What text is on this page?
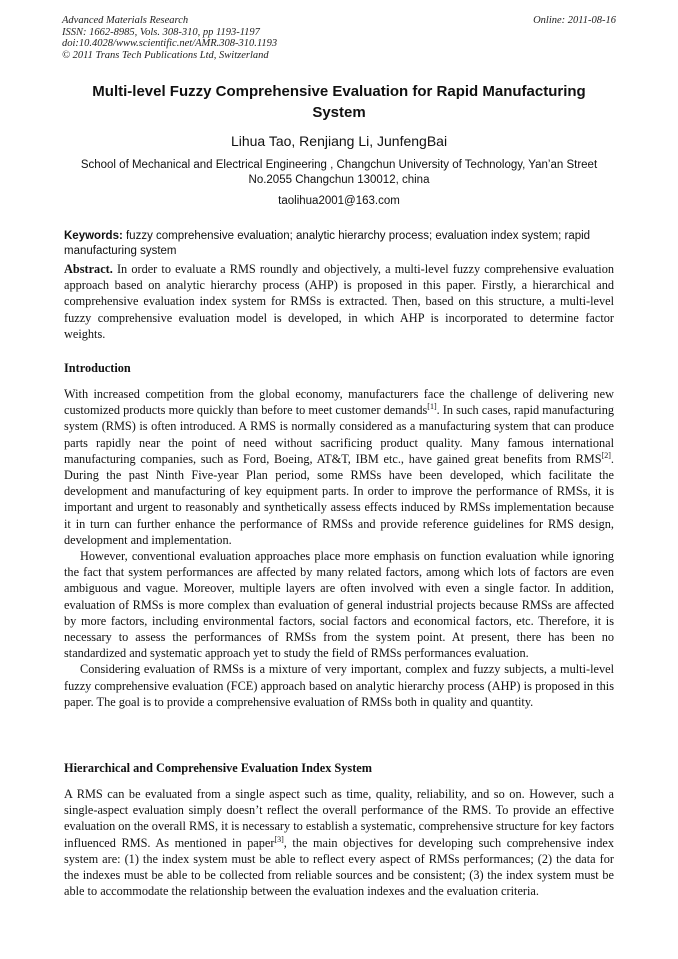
Advanced Materials Research
ISSN: 1662-8985, Vols. 308-310, pp 1193-1197
doi:10.4028/www.scientific.net/AMR.308-310.1193
© 2011 Trans Tech Publications Ltd, Switzerland
Online: 2011-08-16
Multi-level Fuzzy Comprehensive Evaluation for Rapid Manufacturing System
Lihua Tao, Renjiang Li, JunfengBai
School of Mechanical and Electrical Engineering , Changchun University of Technology, Yan’an Street No.2055 Changchun 130012, china
taolihua2001@163.com
Keywords: fuzzy comprehensive evaluation; analytic hierarchy process; evaluation index system; rapid manufacturing system
Abstract. In order to evaluate a RMS roundly and objectively, a multi-level fuzzy comprehensive evaluation approach based on analytic hierarchy process (AHP) is proposed in this paper. Firstly, a hierarchical and comprehensive evaluation index system for RMSs is extracted. Then, based on this structure, a multi-level fuzzy comprehensive evaluation model is developed, in which AHP is incorporated to determine factor weights.
Introduction

With increased competition from the global economy, manufacturers face the challenge of delivering new customized products more quickly than before to meet customer demands[1]. In such cases, rapid manufacturing system (RMS) is often introduced. A RMS is normally considered as a manufacturing system that can produce parts rapidly near the point of need without sacrificing product quality. Many famous international manufacturing companies, such as Ford, Boeing, AT&T, IBM etc., have gained great benefits from RMS[2]. During the past Ninth Five-year Plan period, some RMSs have been developed, which facilitate the development and manufacturing of key equipment parts. In order to improve the performance of RMSs, it is important and urgent to reasonably and synthetically assess effects induced by RMSs implementation because it in turn can further enhance the performance of RMSs and provide reference guidelines for RMS design, development and implementation.

However, conventional evaluation approaches place more emphasis on function evaluation while ignoring the fact that system performances are affected by many related factors, among which lots of factors are even ambiguous and vague. Moreover, multiple layers are often involved with even a single factor. In addition, evaluation of RMSs is more complex than evaluation of general industrial projects because RMSs are affected by more factors, including environmental factors, social factors and economical factors, etc. Therefore, it is necessary to assess the performances of RMSs from the system point. At present, there has been no standardized and systematic approach yet to study the field of RMSs performances evaluation.

Considering evaluation of RMSs is a mixture of very important, complex and fuzzy subjects, a multi-level fuzzy comprehensive evaluation (FCE) approach based on analytic hierarchy process (AHP) is proposed in this paper. The goal is to provide a comprehensive evaluation of RMSs both in quality and quantity.

Hierarchical and Comprehensive Evaluation Index System

A RMS can be evaluated from a single aspect such as time, quality, reliability, and so on. However, such a single-aspect evaluation simply doesn’t reflect the overall performance of the RMS. To provide an effective evaluation on the overall RMS, it is necessary to establish a systematic, comprehensive structure for key factors influenced RMS. As mentioned in paper[3], the main objectives for developing such comprehensive index system are: (1) the index system must be able to reflect every aspect of RMSs performances; (2) the data for the indexes must be able to be collected from reliable sources and be consistent; (3) the index system must be able to accommodate the relationship between the evaluation indexes and the evaluation criteria.
